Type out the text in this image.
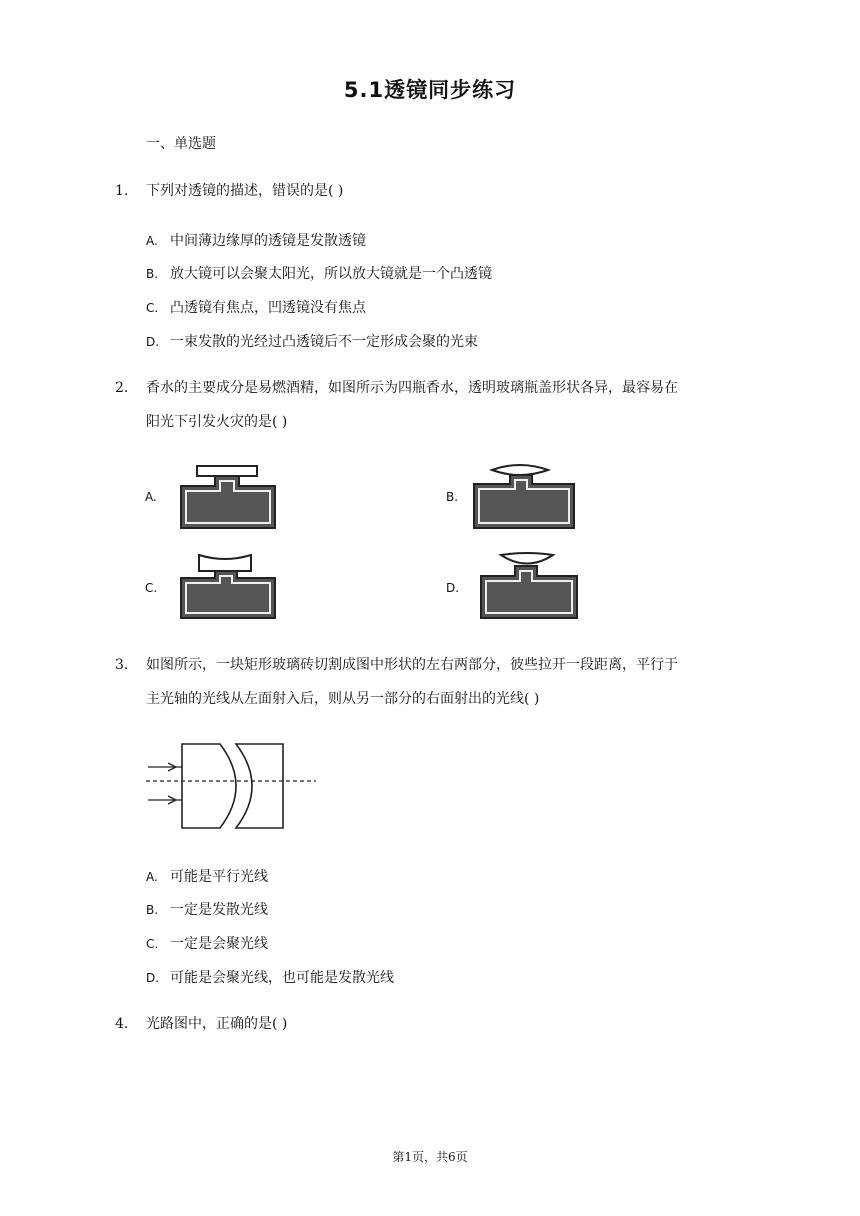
5.1透镜同步练习
一、单选题
1. 下列对透镜的描述，错误的是( )
A. 中间薄边缘厚的透镜是发散透镜
B. 放大镜可以会聚太阳光，所以放大镜就是一个凸透镜
C. 凸透镜有焦点，凹透镜没有焦点
D. 一束发散的光经过凸透镜后不一定形成会聚的光束
2. 香水的主要成分是易燃酒精，如图所示为四瓶香水，透明玻璃瓶盖形状各异，最容易在
阳光下引发火灾的是( )
A.	B.
C.	D.
3. 如图所示，一块矩形玻璃砖切割成图中形状的左右两部分，彼些拉开一段距离，平行于
主光轴的光线从左面射入后，则从另一部分的右面射出的光线( )
A. 可能是平行光线
B. 一定是发散光线
C. 一定是会聚光线
D. 可能是会聚光线，也可能是发散光线
4. 光路图中，正确的是( )
第1页，共6页
